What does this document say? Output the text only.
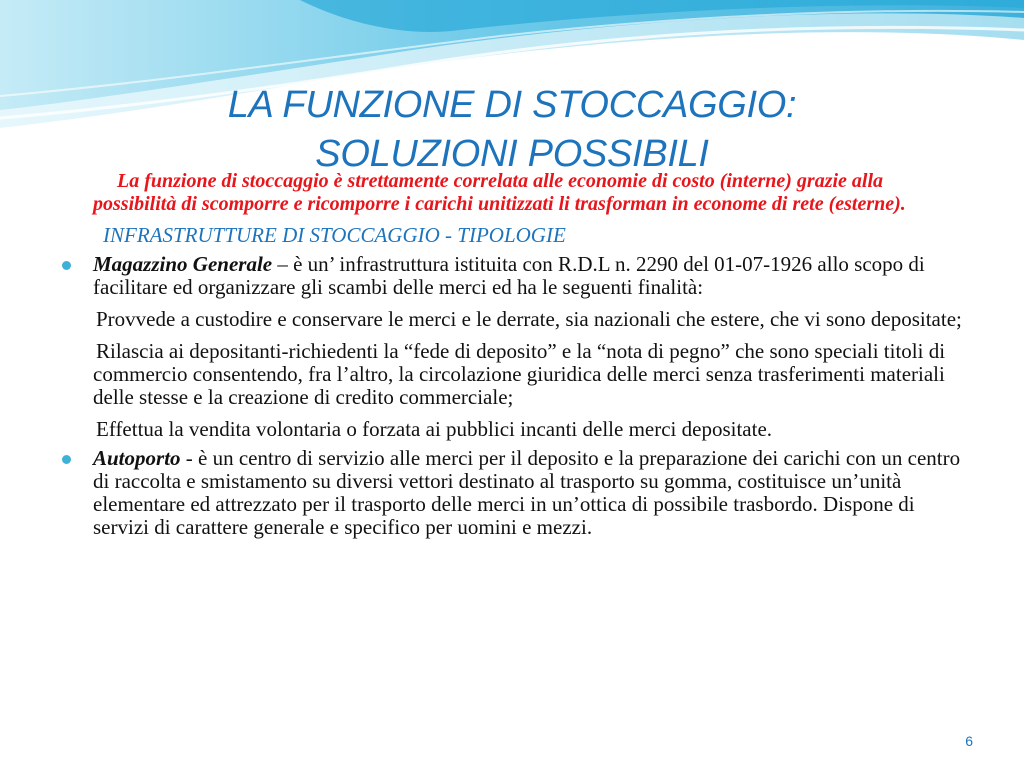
LA FUNZIONE DI STOCCAGGIO:
SOLUZIONI POSSIBILI
La funzione di stoccaggio è strettamente correlata alle economie di costo (interne) grazie alla possibilità di scomporre e ricomporre i carichi unitizzati li trasforman in econome di rete (esterne).
INFRASTRUTTURE DI STOCCAGGIO - TIPOLOGIE
Magazzino Generale – è un’ infrastruttura istituita con R.D.L n. 2290 del 01-07-1926 allo scopo di facilitare ed organizzare gli scambi delle merci ed ha le seguenti finalità:
Provvede a custodire e conservare le merci e le derrate, sia nazionali che estere, che vi sono depositate;
Rilascia ai depositanti-richiedenti la “fede di deposito” e la “nota di pegno” che sono speciali titoli di commercio consentendo, fra l’altro, la circolazione giuridica delle merci senza trasferimenti materiali delle stesse e la creazione di credito commerciale;
Effettua la vendita volontaria o forzata ai pubblici incanti delle merci depositate.
Autoporto - è un centro di servizio alle merci per il deposito e la preparazione dei carichi con un centro di raccolta e smistamento su diversi vettori destinato al trasporto su gomma, costituisce un’unità elementare ed attrezzato per il trasporto delle merci in un’ottica di possibile trasbordo. Dispone di servizi di carattere generale e specifico per uomini e mezzi.
6
